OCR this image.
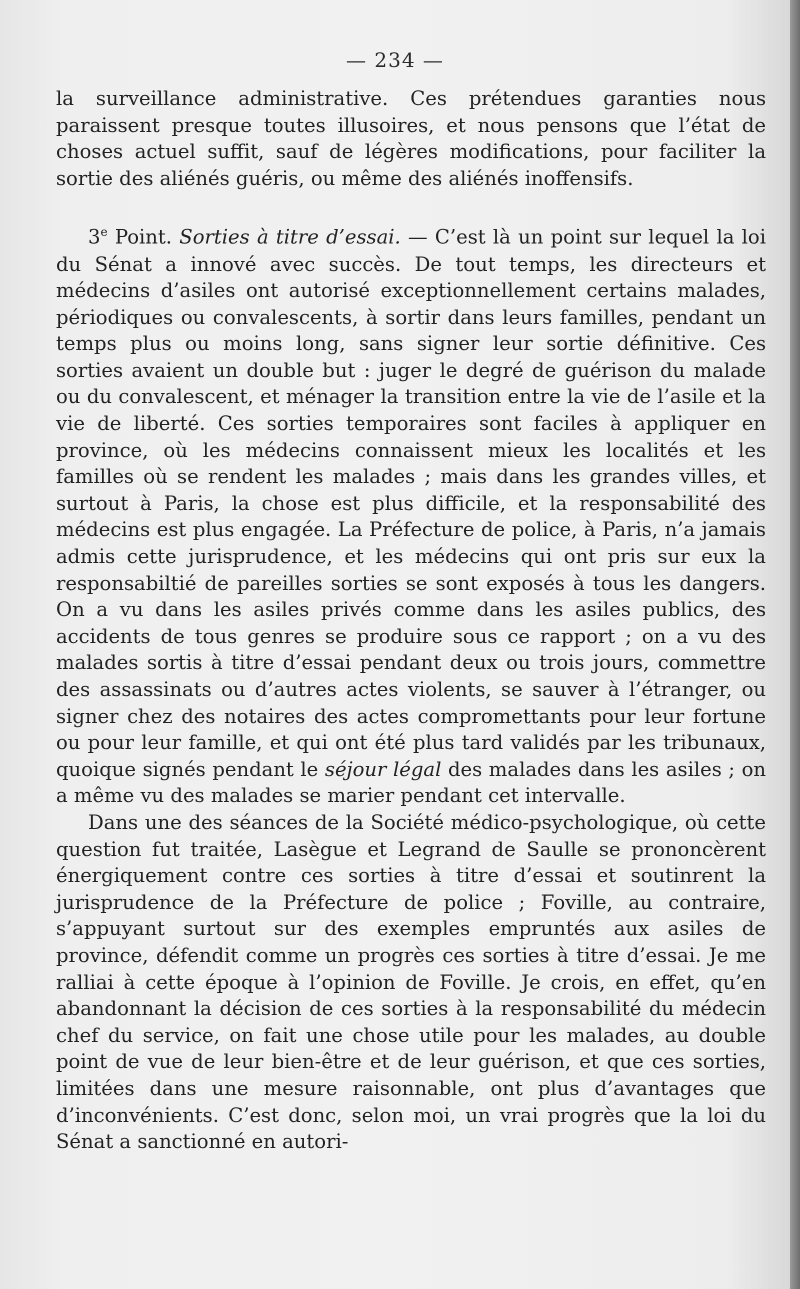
— 234 —

la surveillance administrative. Ces prétendues garanties nous paraissent presque toutes illusoires, et nous pensons que l’état de choses actuel suffit, sauf de légères modifications, pour faciliter la sortie des aliénés guéris, ou même des aliénés inoffensifs.

3e Point. Sorties à titre d’essai. — C’est là un point sur lequel la loi du Sénat a innové avec succès. De tout temps, les directeurs et médecins d’asiles ont autorisé exceptionnellement certains malades, périodiques ou convalescents, à sortir dans leurs familles, pendant un temps plus ou moins long, sans signer leur sortie définitive. Ces sorties avaient un double but : juger le degré de guérison du malade ou du convalescent, et ménager la transition entre la vie de l’asile et la vie de liberté. Ces sorties temporaires sont faciles à appliquer en province, où les médecins connaissent mieux les localités et les familles où se rendent les malades ; mais dans les grandes villes, et surtout à Paris, la chose est plus difficile, et la responsabilité des médecins est plus engagée. La Préfecture de police, à Paris, n’a jamais admis cette jurisprudence, et les médecins qui ont pris sur eux la responsabiltié de pareilles sorties se sont exposés à tous les dangers. On a vu dans les asiles privés comme dans les asiles publics, des accidents de tous genres se produire sous ce rapport ; on a vu des malades sortis à titre d’essai pendant deux ou trois jours, commettre des assassinats ou d’autres actes violents, se sauver à l’étranger, ou signer chez des notaires des actes compromettants pour leur fortune ou pour leur famille, et qui ont été plus tard validés par les tribunaux, quoique signés pendant le séjour légal des malades dans les asiles ; on a même vu des malades se marier pendant cet intervalle.

Dans une des séances de la Société médico-psychologique, où cette question fut traitée, Lasègue et Legrand de Saulle se prononcèrent énergiquement contre ces sorties à titre d’essai et soutinrent la jurisprudence de la Préfecture de police ; Foville, au contraire, s’appuyant surtout sur des exemples empruntés aux asiles de province, défendit comme un progrès ces sorties à titre d’essai. Je me ralliai à cette époque à l’opinion de Foville. Je crois, en effet, qu’en abandonnant la décision de ces sorties à la responsabilité du médecin chef du service, on fait une chose utile pour les malades, au double point de vue de leur bien-être et de leur guérison, et que ces sorties, limitées dans une mesure raisonnable, ont plus d’avantages que d’inconvénients. C’est donc, selon moi, un vrai progrès que la loi du Sénat a sanctionné en autori-
